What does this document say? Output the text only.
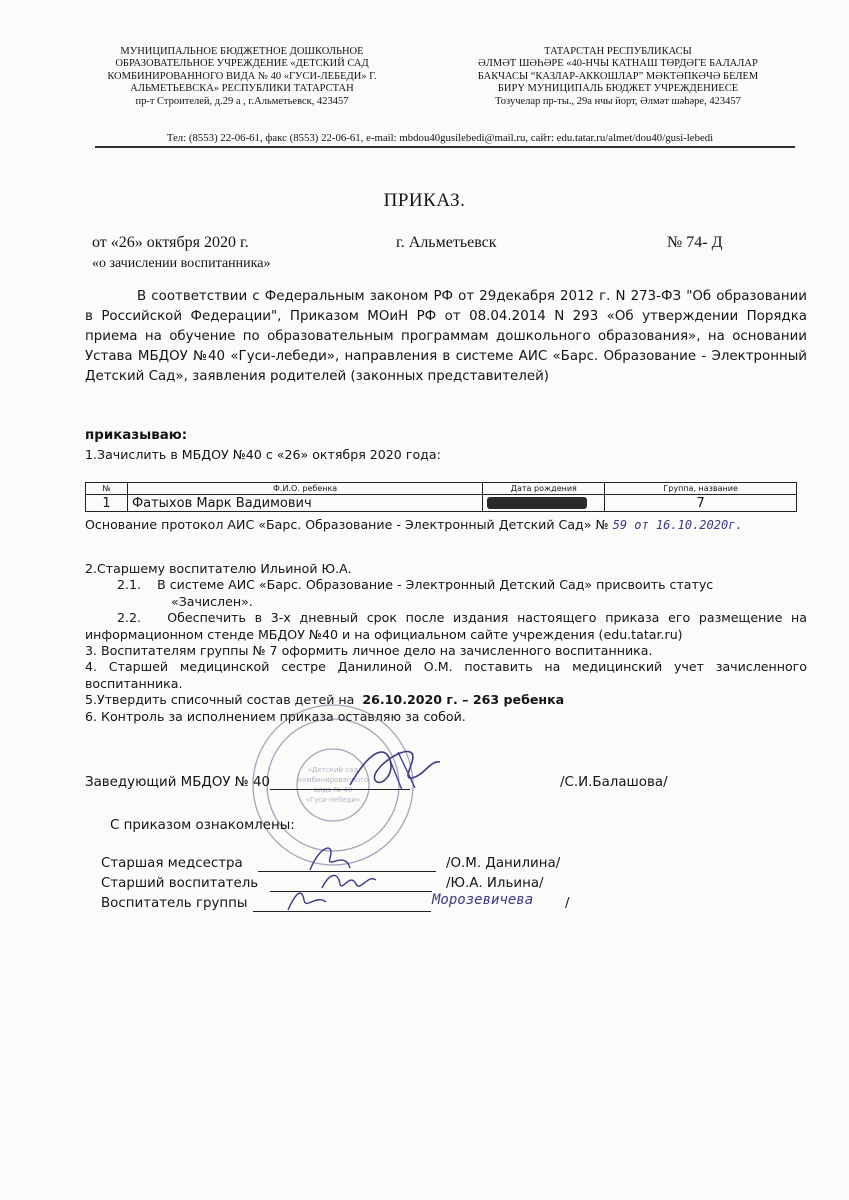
МУНИЦИПАЛЬНОЕ БЮДЖЕТНОЕ ДОШКОЛЬНОЕ
ОБРАЗОВАТЕЛЬНОЕ УЧРЕЖДЕНИЕ «ДЕТСКИЙ САД
КОМБИНИРОВАННОГО ВИДА № 40 «ГУСИ-ЛЕБЕДИ» Г.
АЛЬМЕТЬЕВСКА» РЕСПУБЛИКИ ТАТАРСТАН
пр-т Строителей, д.29 а , г.Альметьевск, 423457
ТАТАРСТАН РЕСПУБЛИКАСЫ
ӘЛМӘТ ШӘҺӘРЕ «40-НЧЫ КАТНАШ ТӨРДӘГЕ БАЛАЛАР
БАКЧАСЫ “КАЗЛАР-АККОШЛАР” МӘКТӘПКӘЧӘ БЕЛЕМ
БИРҮ МУНИЦИПАЛЬ БЮДЖЕТ УЧРЕЖДЕНИЕСЕ
Тозучелар пр-ты., 29а нчы йорт, Әлмәт шәһәре, 423457
Тел: (8553) 22-06-61, факс (8553) 22-06-61, e-mail: mbdou40gusilebedi@mail.ru, сайт: edu.tatar.ru/almet/dou40/gusi-lebedi
ПРИКАЗ.
от «26» октября 2020 г.	г. Альметьевск	№ 74- Д
«о зачислении воспитанника»
В соответствии с Федеральным законом РФ от 29декабря 2012 г. N 273-ФЗ "Об образовании в Российской Федерации", Приказом МОиН РФ от 08.04.2014 N 293 «Об утверждении Порядка приема на обучение по образовательным программам дошкольного образования», на основании Устава МБДОУ №40 «Гуси-лебеди», направления в системе АИС «Барс. Образование - Электронный Детский Сад», заявления родителей (законных представителей)
приказываю:
1.Зачислить в МБДОУ №40 с «26» октября 2020 года:
№	Ф.И.О. ребенка	Дата рождения	Группа, название
1	Фатыхов Марк Вадимович		7
Основание протокол АИС «Барс. Образование - Электронный Детский Сад» № 59 от 16.10.2020г.
2.Старшему воспитателю Ильиной Ю.А.
2.1. В системе АИС «Барс. Образование - Электронный Детский Сад» присвоить статус
«Зачислен».
2.2. Обеспечить в 3-х дневный срок после издания настоящего приказа его размещение на информационном стенде МБДОУ №40 и на официальном сайте учреждения (edu.tatar.ru)
3. Воспитателям группы № 7 оформить личное дело на зачисленного воспитанника.
4. Старшей медицинской сестре Данилиной О.М. поставить на медицинский учет зачисленного воспитанника.
5.Утвердить списочный состав детей на 26.10.2020 г. – 263 ребенка
6. Контроль за исполнением приказа оставляю за собой.
«Детский сад
комбинированного
вида № 40
«Гуси-лебеди»
Заведующий МБДОУ № 40	/С.И.Балашова/
С приказом ознакомлены:
Старшая медсестра	/О.М. Данилина/
Старший воспитатель	/Ю.А. Ильина/
Воспитатель группы	Морозевичева /
